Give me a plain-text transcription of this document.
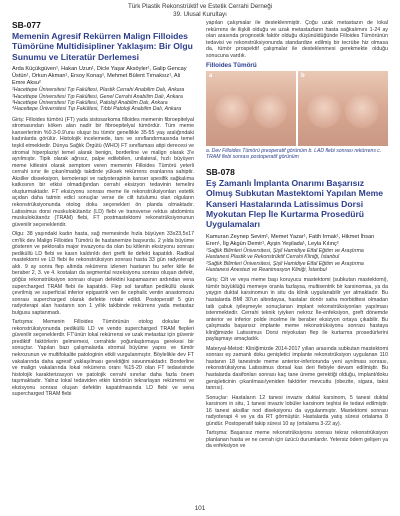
Türk Plastik Rekonstrüktif ve Estetik Cerrahi Derneği
39. Ulusal Kurultayı
SB-077
Memenin Agresif Rekürren Malign Filloides Tümörüne Multidisipliner Yaklaşım: Bir Olgu Sunumu ve Literatür Derlemesi
Arda Küçükgüven¹, Hakan Uzun¹, Dicle Yaşar Aksöyler¹, Galip Gencay Üstün¹, Orkun Akman¹, Ersoy Konaş¹, Mehmet Bülent Tırnaksız¹, Ali Emre Aksu²
¹Hacettepe Üniversitesi Tıp Fakültesi, Plastik Cerrahi Anabilim Dalı, Ankara
²Hacettepe Üniversitesi Tıp Fakültesi, Genel Cerrahi Anabilim Dalı, Ankara
³Hacettepe Üniversitesi Tıp Fakültesi, Patoloji Anabilim Dalı, Ankara
⁴Hacettepe Üniversitesi Tıp Fakültesi, Tıbbi Patoloji Anabilim Dalı, Ankara

Giriş: Filloides tümörü (FT) yada sistosarkoma filloides memenin fibroepitelyal stromasından köken alan nadir bir fibroepitelyal tümördür. Tüm meme kanserlerinin %0.3-0.9'unu oluşur bu tümör genellikle 35-55 yaş aralığındaki kadınlarda görülür. Histolojik incelemede, tanı ve sınıflandırmasında temel teşkil etmektedir. Dünya Sağlık Örgütü (WHO) FT sınıflaması atipi derecesi ve stromal hiperplaziyi temel alarak benign, borderline ve malign olarak 3'e ayrılmıştır. Tipik olarak ağrısız, palpe edilebilen, unilateral, hızlı büyüyen meme kitlesini olarak semptom veren memenin Filloides Tümörü yeterli cerrahi sınır ile çıkarılmadığı takdirde yüksek rekürrens oranlarına sahiptir. Aksiller disseksiyon, kemoterapi ve radyoterapinin kanser spesifik sağkalıma katkısının bir etkisi olmadığından cerrahi eksizyon tedavinin temelini oluşturmaktadır. FT eksizyonu sonrası meme ile rekonstrüksiyonları estetik açıdan daha tatmin edici sonuçlar verse de cilt tutulumu olan olguların rekonstrüksiyonunda otolog doku seçenekleri ön planda olmaktadır. Latissimus dorsi muskulokütanöz (LD) flebi ve transverse rektus abdominis muskulokütanöz (TRAM) flebi, FT postmastektomi rekonstrüksiyonunun güvenilir seçenekleridir.

Olgu: 38 yaşındaki kadın hasta, sağ memesinde hızla büyüyen 33x23,5x17 cm'lik dev Malign Filloides Tümörü ile hastanemize başvurdu. 2 yılda büyüme gösteren ve pektoralis major invazyonu da olan bu kitlenin eksizyonu sonrası pediküllü LD flebi ve kasın kaldırıldı deri grefti ile defekt kapatıldı. Radikal mastektomi ve LD flebi ile rekonstrüksiyon sonrası hasta 33 gün radyoterapi aldı. 9 ay sonra flep altında rekürrens izlenen hastanın bu sefer kitle ile beraber 2, 3. ve 4. kostaları da segmental rezeksiyonu sonrası oluşan defekt, göğüs rekonstrüksiyon sonrası oluşan defektini kapamasının ardından vena supercharged TRAM flebi ile kapatıldı. Flep sol taraftan pediküllü olarak çevrilmiş ve superficial inferior epigastrik ven ile cephalic ventin anastomozu sonrası supercharged olarak defekte rotate edildi. Postoperatif 5 gün radyoterapi alan hastanın son 1 yıllık takibinde rekürrens yada metastaz bulgusu saptanmadı.

Tartışma: Memenin Filloides Tümörünün otolog dokular ile rekonstrüksiyonunda pediküllü LD ve vendo supercharged TRAM flepleri güvenilir seçeneklerdir. FT'ünün lokal rekürrensi ve uzak metastaz için güvenir prediktif faktörlerin gelmemesi, cerrahide yoğunlaştırmaya gerekesi bir sonuçtur. Yapılan bazı çalışmalarda stromal büyüme yapısı ve tümör nekrozunun ve multifokalite patologinin etkili vurgulanmıştır. Böylelikle dev FT vakalarında daha agresif yaklaşılması gerektiğini savunmaktadır. Borderline ve malign vakalarında lokal rekürrens oranı %15-20 olan FT tedavisinde histolojik karakterizasyon ve patolojik cerrahi sınırlar daha fazla önem taşımaktadır. Yalnız lokal tedaviden etkin tümörün tekrarlayan rekürrensi ve ekzisyonu sonrası oluşan defektin kapatılmasında LD flebi ve vena supercharged TRAM flebi

yapılan çalışmalar ile desteklenmiştir. Çoğu uzak metastazın de lokal rekürrens ile ilişkili olduğu ve uzak metastazların hasta sağkalımını 1-24 ay olan arasında prognostik faktör olduğu düşünüldüğünde Filloides Tümörünün tedavisi ve rekonstrüksiyonunda standardize edilmiş bir tecrübe hiz olmasa da, tümör prospektif çalışmalar ile desteklenmesi gerekmekte olduğu sonucuna vardık.

Filloides Tümörü
a	b
a. Dev Filloides Tümörü preoperatif görünüm b. LAD flebi sonrası rekürrens c. TRAM flebi sonrası postoperatif görünüm
SB-078
Eş Zamanlı İmplanta Onarımı Başarısız Olmuş Subkutan Mastektomi Yapılan Meme Kanseri Hastalarında Latissimus Dorsi Myokutan Flep İle Kurtarma Prosedürü Uygulamaları
Kamuran Zeynep Sevim¹, Memet Yazar¹, Fatih Irmak¹, Hikmet İhsan Eren¹, İlg Akgün Demir¹, Ayşin Yeşilada¹, Leyla Kılınç²
¹Sağlık Bilimleri Üniversitesi, Şişli Hamidiye Etfal Eğitim ve Araştırma Hastanesi Plastik ve Rekonstrüktif Cerrahi Kliniği, İstanbul
²Sağlık Bilimleri Üniversitesi, Şişli Hamidiye Etfal Eğitim ve Araştırma Hastanesi Anestezi ve Reanimasyon Kliniği, İstanbul

Giriş: Cilt ve veya meme başı koruyucu mastektomi (subkutan mastektomi), tümör büyüklüğü memeye oranla fazlaysa, multisentrik bir karsinomsa, ya da yaygın duktal karsinomun in situ da klinik uygulanabilir yer almaktadır. Bu hastalarda BMİ 30'un altındaysa, hastalar donör saha morbiditesi olmadan tatlı çabuk iyileşmeyle sonuçlanan implant rekonstrüksiyonları yapılması istenmektedir. Cerrahi teknik iyiyken nekroz İle-enfeksiyon, greft dönemde anterior ve inferior polde incelme ile beraber eksizyon ortaya çıkabilir. Bu çalışmada başarısız implante meme rekonstrüksiyonu sonrası hastaya kliniğimizde Latissimus Dorsi miyokutan flep ile kurtarma prosedürlerini paylaşmayı amaçladık.

Materyal-Metod: Kliniğimizde 2014-2017 yılları arasında subkutan mastektomi sonrası eş zamanlı doku genişletici implante rekonstrüksiyon uygulanan 110 hastanın 18 tanesinde meme anterior-inferiorunda yeni ayrılması sonrası, rekonstrüksiyona Latissimus dorsal kas deri flebiyle devam edilmiştir. Bu hastalarda dasifonları sonrası kaç tane üreme gerektiği olduğu, implant/doku genişleticinin çıkarılması/yeniden faktörler mevcuttu (obezite, sigara, taksi tanrısı).

Sonuçlar: Hastaların 12 tanesi invaziv duktal karsinom, 5 tanesi duktal karsinom in situ, 1 tanesi invaziv lobüler karsinom teşhisi ile tedavi edilmiştir. 16 tanesi aksillar nod diseksiyonu da uygulanmıştır. Mastektomi sonrası radyoterapi 4 ve ya da RT görmüştür. Hastalarda yatış süresi ortalama 8 gündür. Postoperatif takip süresi 10 ay (ortalama 3-22 ay).

Tartışma: Başarısız meme rekonstrüksiyonu sonrası tekrar rekonstrüksiyon planlanan hasta ve ne cerrah için üzücü durumlardır. Yetersiz ödem gelişen ya da enfeksiyon ve

101
